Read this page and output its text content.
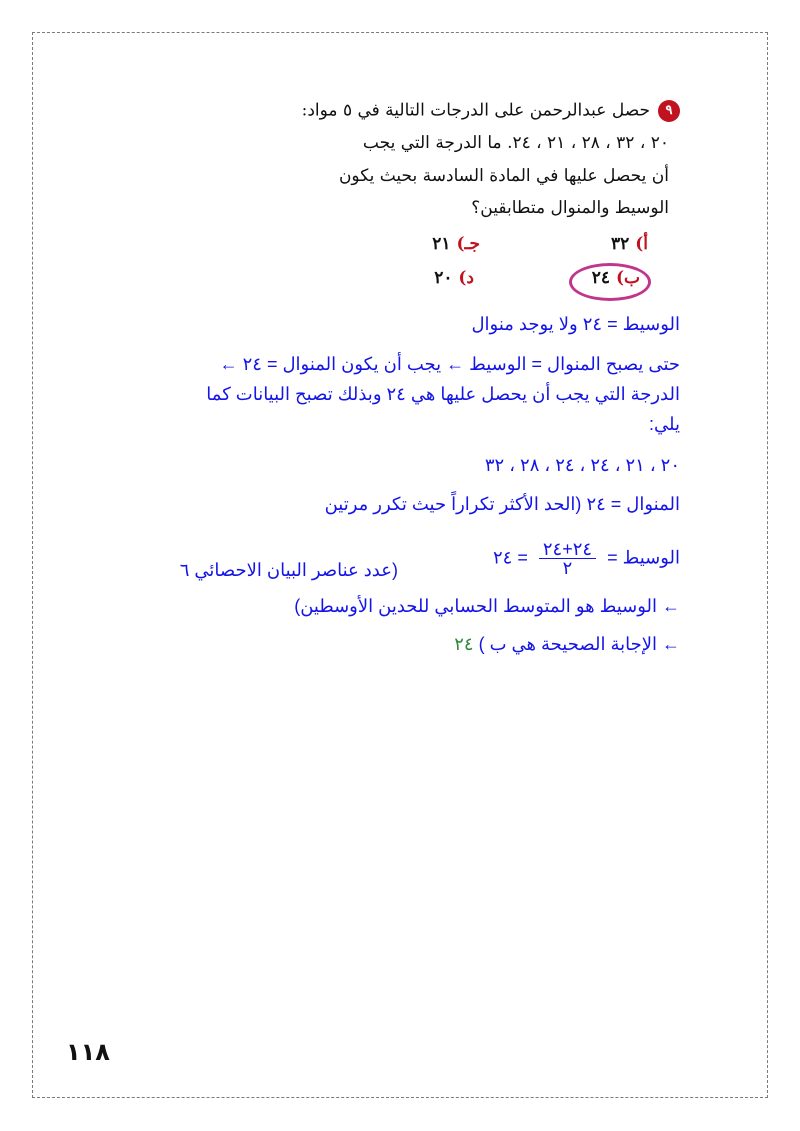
٩حصل عبدالرحمن على الدرجات التالية في ٥ مواد:
٢٠ ، ٣٢ ، ٢٨ ، ٢١ ، ٢٤. ما الدرجة التي يجب
أن يحصل عليها في المادة السادسة بحيث يكون
الوسيط والمنوال متطابقين؟
أ) ٣٢
جـ) ٢١
ب) ٢٤
د) ٢٠
الوسيط = ٢٤ ولا يوجد منوال
حتى يصبح المنوال = الوسيط ← يجب أن يكون المنوال = ٢٤ ←
الدرجة التي يجب أن يحصل عليها هي ٢٤ وبذلك تصبح البيانات كما
يلي:
٢٠ ، ٢١ ، ٢٤ ، ٢٤ ، ٢٨ ، ٣٢
المنوال = ٢٤ (الحد الأكثر تكراراً حيث تكرر مرتين
الوسيط =
$\frac{٢٤+٢٤}{٢}$
= ٢٤
(عدد عناصر البيان الاحصائي ٦
← الوسيط هو المتوسط الحسابي للحدين الأوسطين)
← الإجابة الصحيحة هي ب ) ٢٤
١١٨
